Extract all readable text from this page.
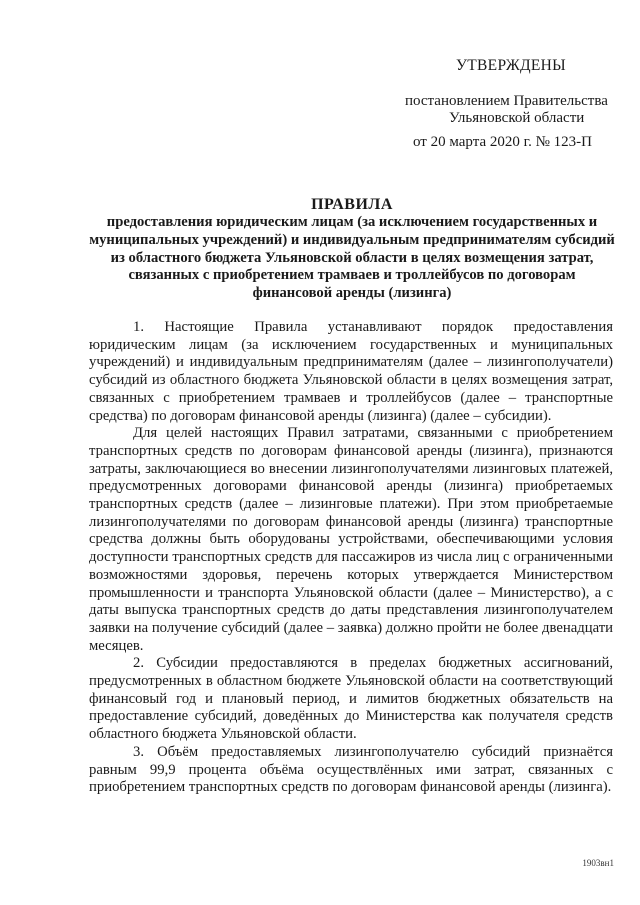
УТВЕРЖДЕНЫ
постановлением Правительства
Ульяновской области
от 20 марта 2020 г. № 123-П
ПРАВИЛА
предоставления юридическим лицам (за исключением государственных и муниципальных учреждений) и индивидуальным предпринимателям субсидий из областного бюджета Ульяновской области в целях возмещения затрат, связанных с приобретением трамваев и троллейбусов по договорам финансовой аренды (лизинга)

1. Настоящие Правила устанавливают порядок предоставления юридическим лицам (за исключением государственных и муниципальных учреждений) и индивидуальным предпринимателям (далее – лизингополучатели) субсидий из областного бюджета Ульяновской области в целях возмещения затрат, связанных с приобретением трамваев и троллейбусов (далее – транспортные средства) по договорам финансовой аренды (лизинга) (далее – субсидии).

Для целей настоящих Правил затратами, связанными с приобретением транспортных средств по договорам финансовой аренды (лизинга), признаются затраты, заключающиеся во внесении лизингополучателями лизинговых платежей, предусмотренных договорами финансовой аренды (лизинга) приобретаемых транспортных средств (далее – лизинговые платежи). При этом приобретаемые лизингополучателями по договорам финансовой аренды (лизинга) транспортные средства должны быть оборудованы устройствами, обеспечивающими условия доступности транспортных средств для пассажиров из числа лиц с ограниченными возможностями здоровья, перечень которых утверждается Министерством промышленности и транспорта Ульяновской области (далее – Министерство), а с даты выпуска транспортных средств до даты представления лизингополучателем заявки на получение субсидий (далее – заявка) должно пройти не более двенадцати месяцев.

2. Субсидии предоставляются в пределах бюджетных ассигнований, предусмотренных в областном бюджете Ульяновской области на соответствующий финансовый год и плановый период, и лимитов бюджетных обязательств на предоставление субсидий, доведённых до Министерства как получателя средств областного бюджета Ульяновской области.

3. Объём предоставляемых лизингополучателю субсидий признаётся равным 99,9 процента объёма осуществлённых ими затрат, связанных с приобретением транспортных средств по договорам финансовой аренды (лизинга).

1903вн1
